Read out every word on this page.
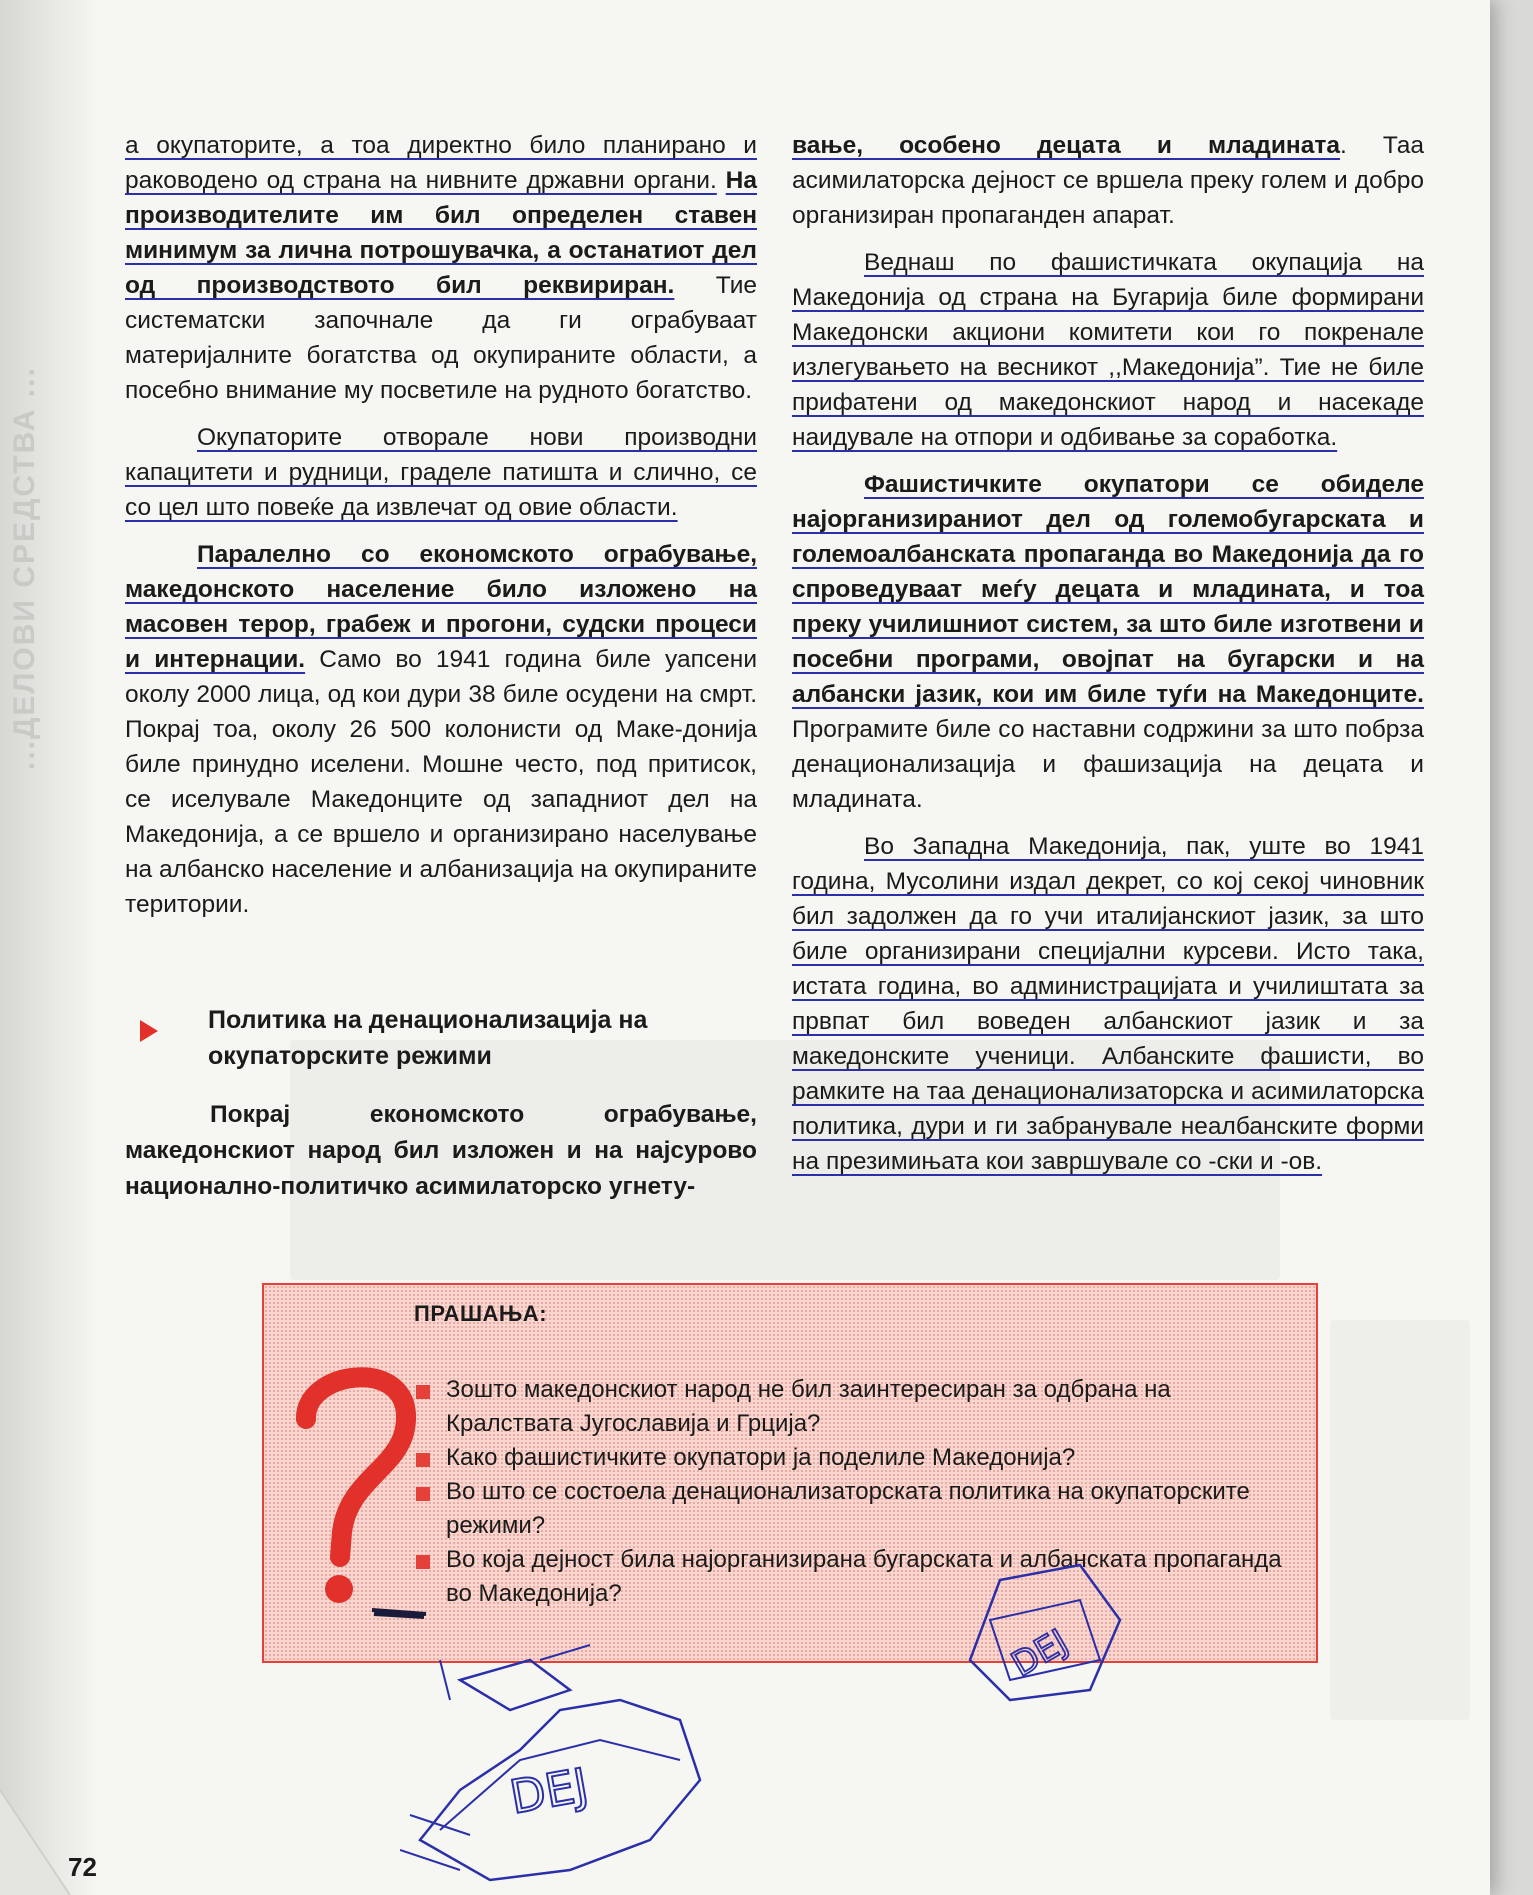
...ДЕЛОВИ СРЕДСТВА ...

а окупаторите, а тоа директно било планирано и раководено од страна на нивните државни органи. На производителите им бил определен ставен минимум за лична потрошувачка, а останатиот дел од производството бил реквириран. Тие систематски започнале да ги ограбуваат материјалните богатства од окупираните области, а посебно внимание му посветиле на рудното богатство.

Окупаторите отворале нови производни капацитети и рудници, граделе патишта и слично, се со цел што повеќе да извлечат од овие области.

Паралелно со економското ограбување, македонското население било изложено на масовен терор, грабеж и прогони, судски процеси и интернации. Само во 1941 година биле уапсени околу 2000 лица, од кои дури 38 биле осудени на смрт. Покрај тоа, околу 26 500 колонисти од Маке-донија биле принудно иселени. Мошне често, под притисок, се иселувале Македонците од западниот дел на Македонија, а се вршело и организирано населување на албанско население и албанизација на окупираните територии.

Политика на денационализација на окупаторските режими

Покрај економското ограбување, македонскиот народ бил изложен и на најсурово национално-политичко асимилаторско угнету-

вање, особено децата и младината. Таа асимилаторска дејност се вршела преку голем и добро организиран пропаганден апарат.

Веднаш по фашистичката окупација на Македонија од страна на Бугарија биле формирани Македонски акциони комитети кои го покренале излегувањето на весникот ,,Македонија”. Тие не биле прифатени од македонскиот народ и насекаде наидувале на отпори и одбивање за соработка.

Фашистичките окупатори се обиделе најорганизираниот дел од големобугарската и големоалбанската пропаганда во Македонија да го спроведуваат меѓу децата и младината, и тоа преку училишниот систем, за што биле изготвени и посебни програми, овојпат на бугарски и на албански јазик, кои им биле туѓи на Македонците. Програмите биле со наставни содржини за што побрза денационализација и фашизација на децата и младината.

Во Западна Македонија, пак, уште во 1941 година, Мусолини издал декрет, со кој секој чиновник бил задолжен да го учи италијанскиот јазик, за што биле организирани специјални курсеви. Исто така, истата година, во администрацијата и училиштата за првпат бил воведен албанскиот јазик и за македонските ученици. Албанските фашисти, во рамките на таа денационализаторска и асимилаторска политика, дури и ги забранувале неалбанските форми на презимињата кои завршувале со -ски и -ов.

ПРАШАЊА:
Зошто македонскиот народ не бил заинтересиран за одбрана на Кралствата Југославија и Грција?
Како фашистичките окупатори ја поделиле Македонија?
Во што се состоела денационализаторската политика на окупаторските режими?
Во која дејност била најорганизирана бугарската и албанската пропаганда во Македонија?
DEJ
DEJ
72
